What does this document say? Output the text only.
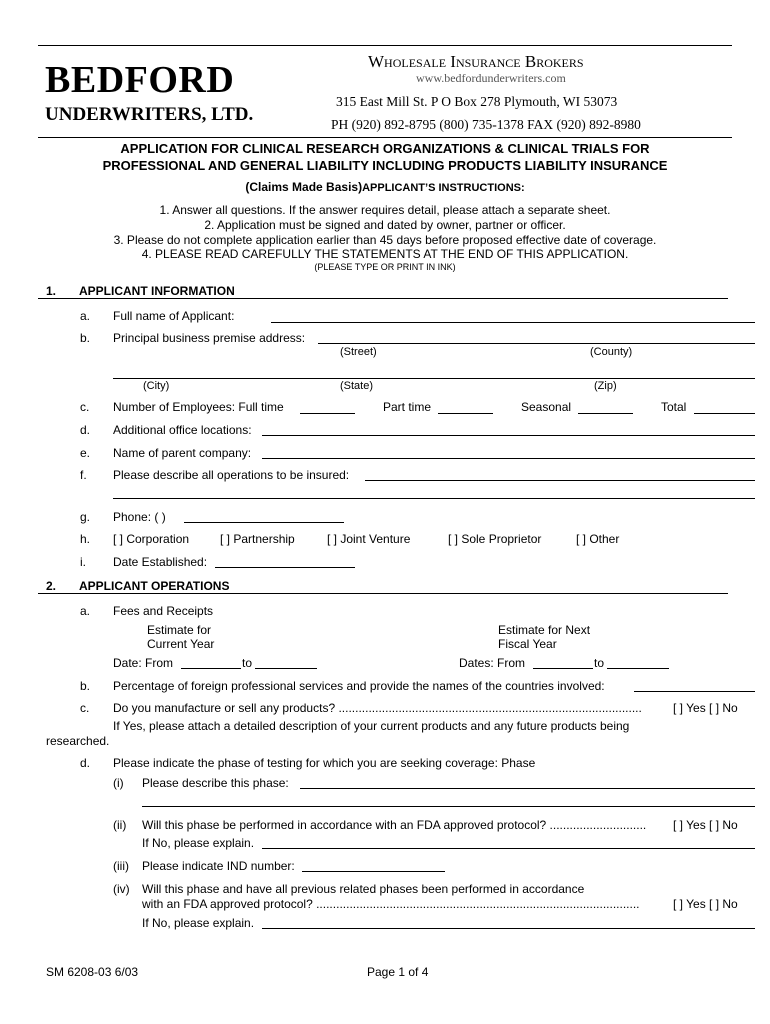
BEDFORD
UNDERWRITERS, LTD.
Wholesale Insurance Brokers
www.bedfordunderwriters.com
315 East Mill St. P O Box 278 Plymouth, WI 53073
PH (920) 892-8795 (800) 735-1378 FAX (920) 892-8980
APPLICATION FOR CLINICAL RESEARCH ORGANIZATIONS & CLINICAL TRIALS FOR
PROFESSIONAL AND GENERAL LIABILITY INCLUDING PRODUCTS LIABILITY INSURANCE
(Claims Made Basis)APPLICANT’S INSTRUCTIONS:
1. Answer all questions. If the answer requires detail, please attach a separate sheet.
2. Application must be signed and dated by owner, partner or officer.
3. Please do not complete application earlier than 45 days before proposed effective date of coverage.
4. PLEASE READ CAREFULLY THE STATEMENTS AT THE END OF THIS APPLICATION.
(PLEASE TYPE OR PRINT IN INK)
1. APPLICANT INFORMATION
a. Full name of Applicant:
b. Principal business premise address:
(Street)	(County)
(City)	(State)	(Zip)
c. Number of Employees: Full time	Part time	Seasonal	Total
d. Additional office locations:
e. Name of parent company:
f. Please describe all operations to be insured:
g. Phone: ( )
h. [ ] Corporation	[ ] Partnership	[ ] Joint Venture	[ ] Sole Proprietor	[ ] Other
i. Date Established:
2. APPLICANT OPERATIONS
a. Fees and Receipts
Estimate for
Current Year
Estimate for Next
Fiscal Year
Date: From	to	Dates: From	to
b. Percentage of foreign professional services and provide the names of the countries involved:
c. Do you manufacture or sell any products? ...........................................................................................	[ ] Yes [ ] No
If Yes, please attach a detailed description of your current products and any future products being
researched.
d. Please indicate the phase of testing for which you are seeking coverage: Phase
(i) Please describe this phase:
(ii) Will this phase be performed in accordance with an FDA approved protocol? .............................	[ ] Yes [ ] No
If No, please explain.
(iii) Please indicate IND number:
(iv) Will this phase and have all previous related phases been performed in accordance
with an FDA approved protocol? .................................................................................................	[ ] Yes [ ] No
If No, please explain.
SM 6208-03 6/03	Page 1 of 4
